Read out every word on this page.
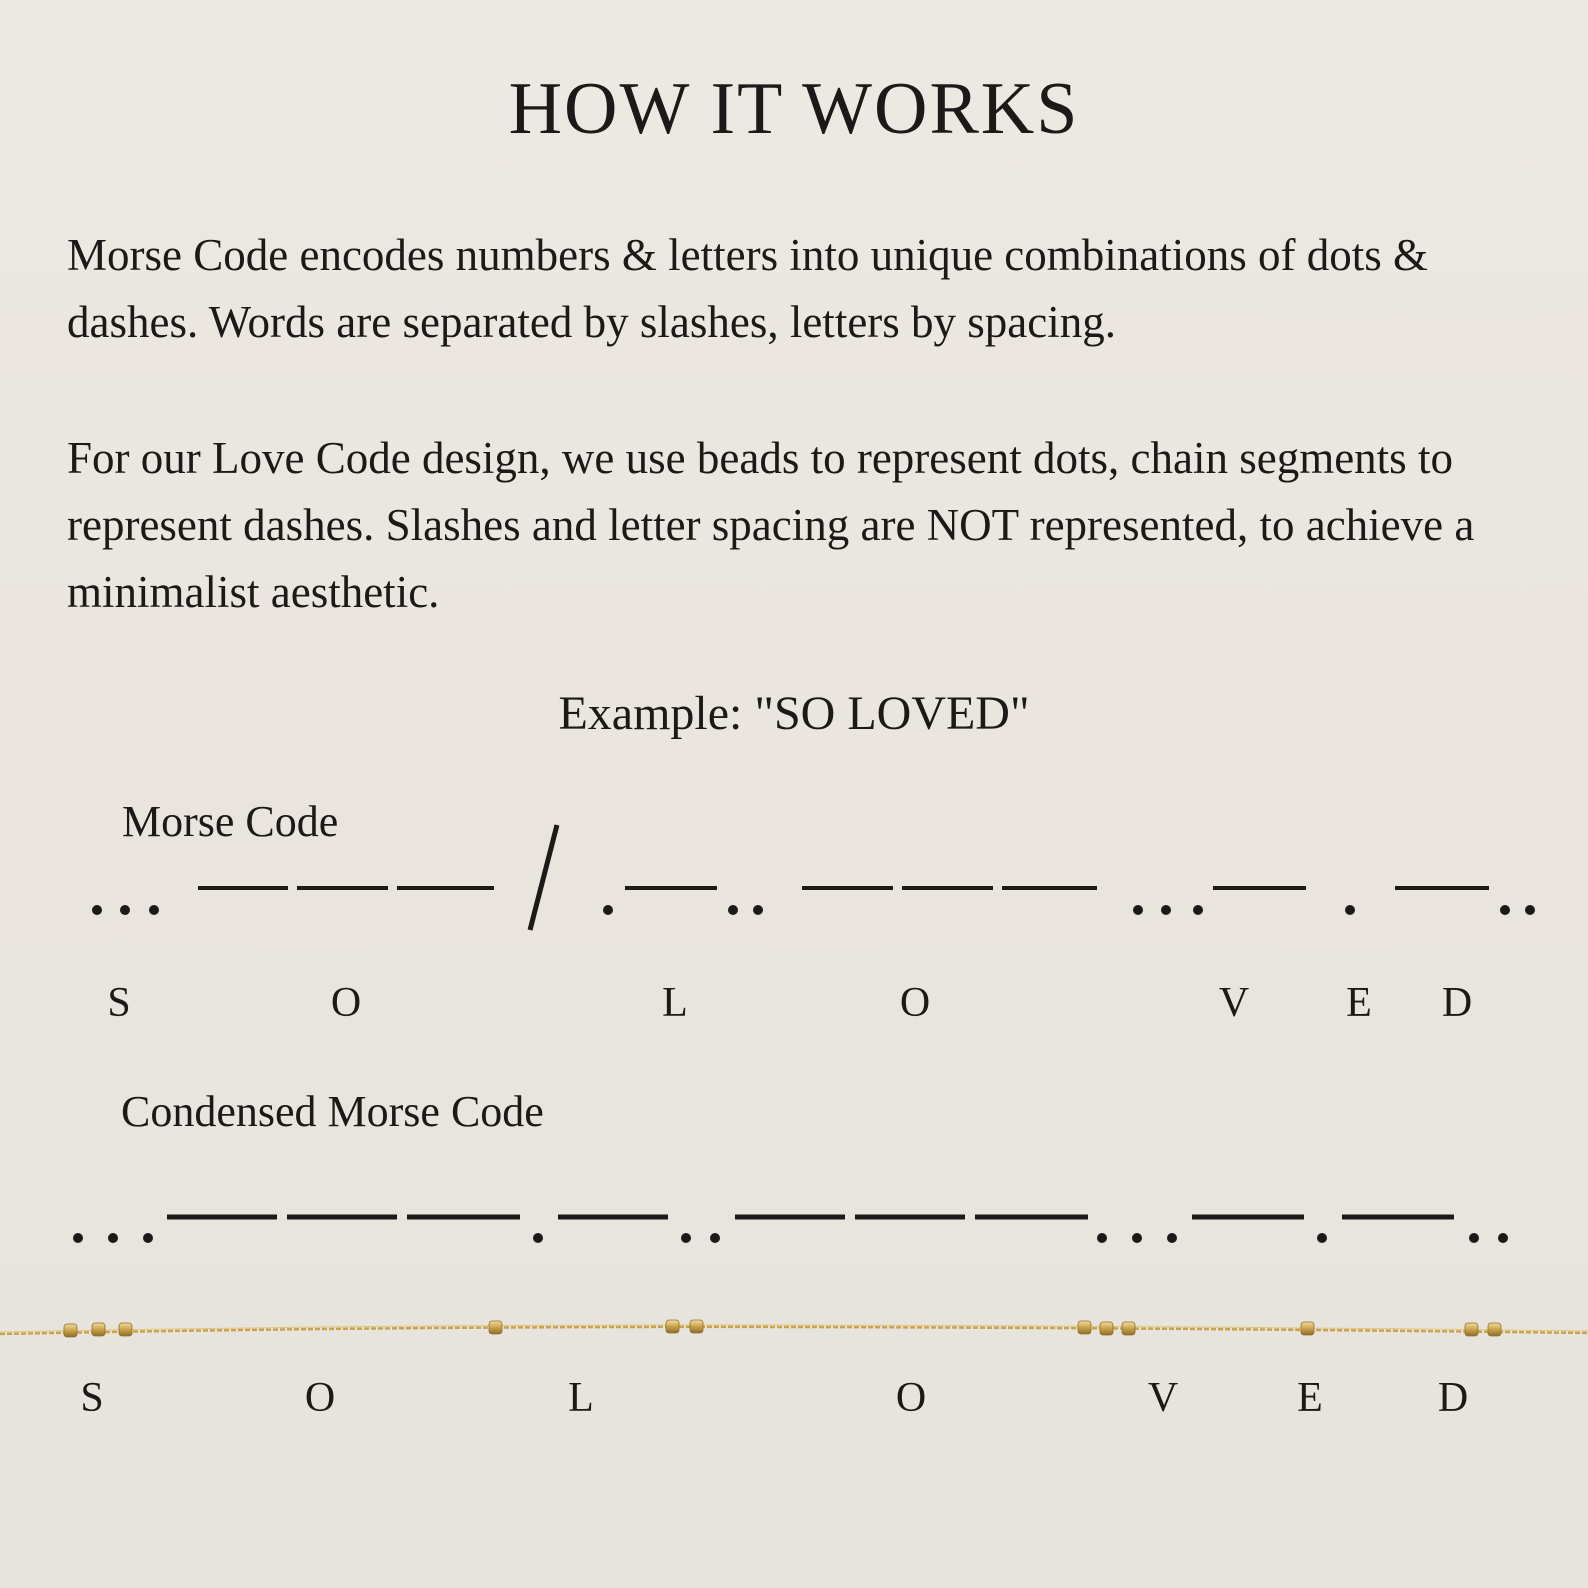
HOW IT WORKS
Morse Code encodes numbers & letters into unique combinations of dots & dashes. Words are separated by slashes, letters by spacing.
For our Love Code design, we use beads to represent dots, chain segments to represent dashes. Slashes and letter spacing are NOT represented, to achieve a minimalist aesthetic.
Example: "SO LOVED"
Morse Code
S	O	L	O	V	E	D
Condensed Morse Code
S	O	L	O	V	E	D
